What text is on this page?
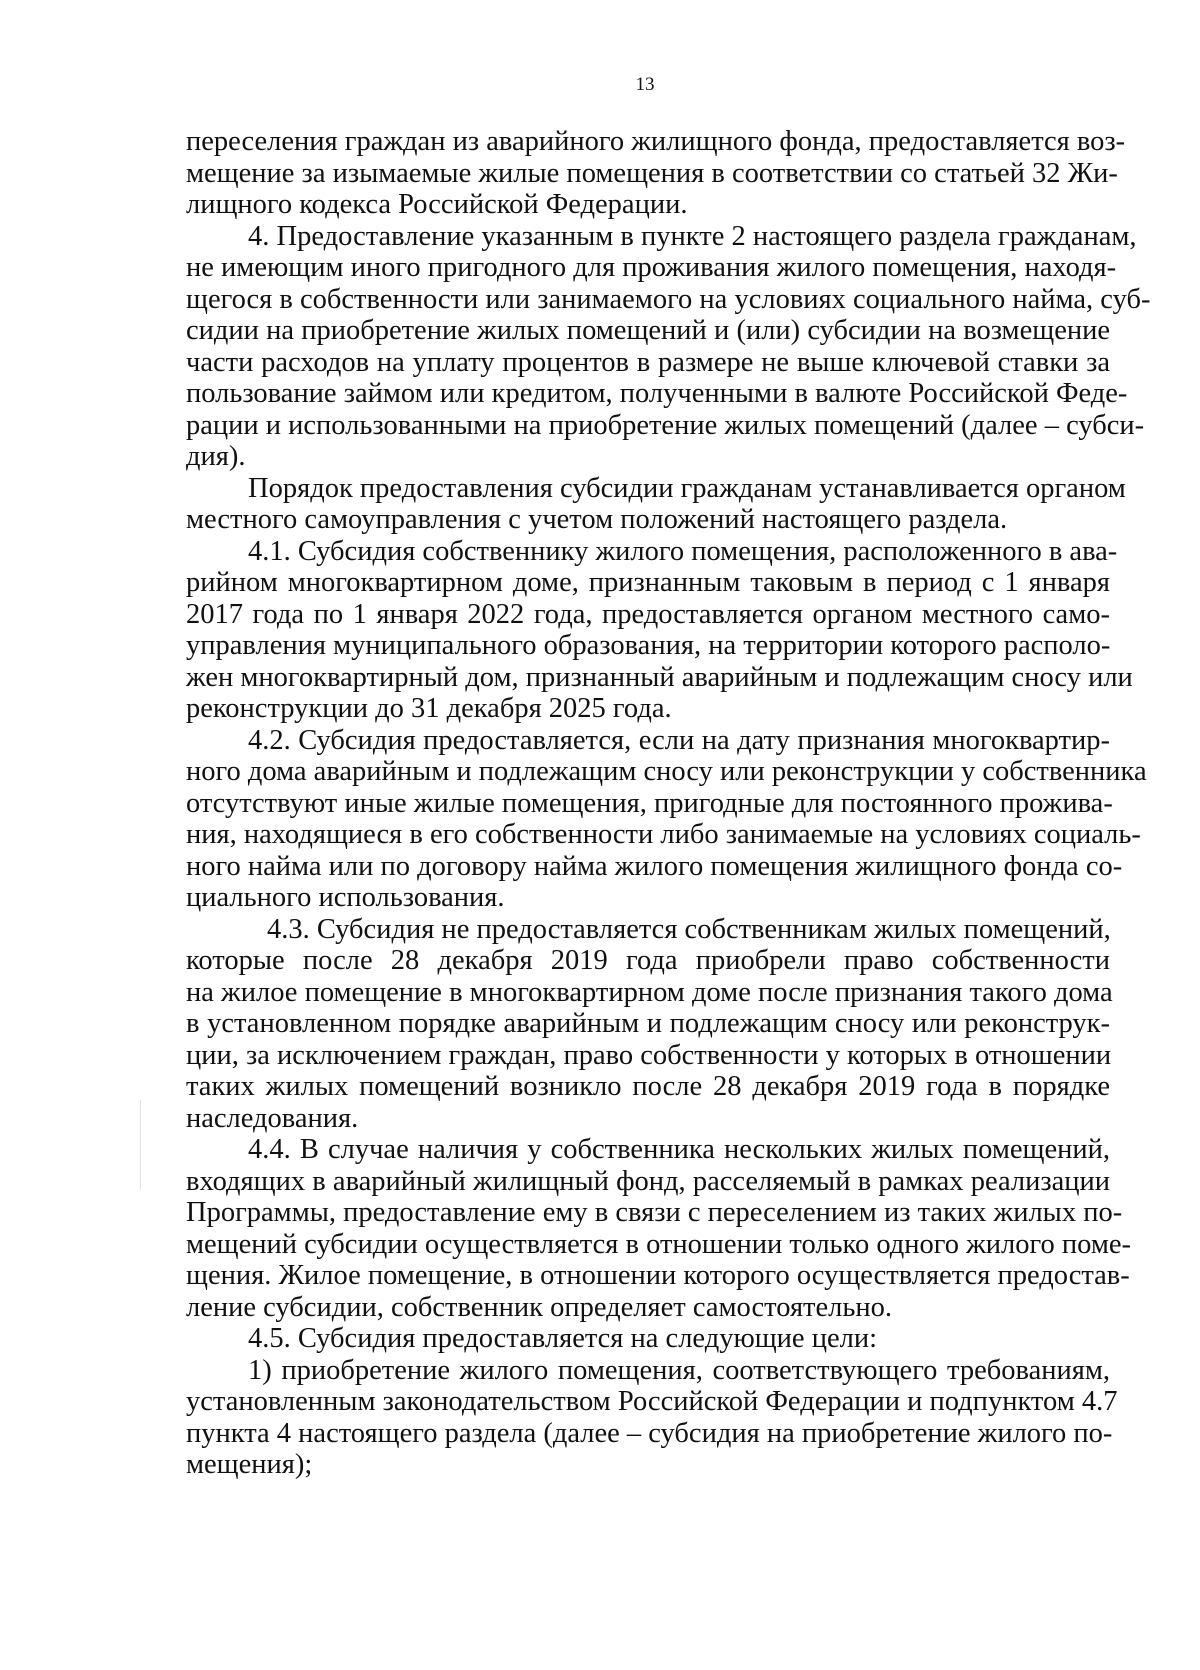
13
переселения граждан из аварийного жилищного фонда, предоставляется воз-
мещение за изымаемые жилые помещения в соответствии со статьей 32 Жи-
лищного кодекса Российской Федерации.
4. Предоставление указанным в пункте 2 настоящего раздела гражданам,
не имеющим иного пригодного для проживания жилого помещения, находя-
щегося в собственности или занимаемого на условиях социального найма, суб-
сидии на приобретение жилых помещений и (или) субсидии на возмещение
части расходов на уплату процентов в размере не выше ключевой ставки за
пользование займом или кредитом, полученными в валюте Российской Феде-
рации и использованными на приобретение жилых помещений (далее – субси-
дия).
Порядок предоставления субсидии гражданам устанавливается органом
местного самоуправления с учетом положений настоящего раздела.
4.1. Субсидия собственнику жилого помещения, расположенного в ава-
рийном многоквартирном доме, признанным таковым в период с 1 января
2017 года по 1 января 2022 года, предоставляется органом местного само-
управления муниципального образования, на территории которого располо-
жен многоквартирный дом, признанный аварийным и подлежащим сносу или
реконструкции до 31 декабря 2025 года.
4.2. Субсидия предоставляется, если на дату признания многоквартир-
ного дома аварийным и подлежащим сносу или реконструкции у собственника
отсутствуют иные жилые помещения, пригодные для постоянного прожива-
ния, находящиеся в его собственности либо занимаемые на условиях социаль-
ного найма или по договору найма жилого помещения жилищного фонда со-
циального использования.
4.3. Субсидия не предоставляется собственникам жилых помещений,
которые после 28 декабря 2019 года приобрели право собственности
на жилое помещение в многоквартирном доме после признания такого дома
в установленном порядке аварийным и подлежащим сносу или реконструк-
ции, за исключением граждан, право собственности у которых в отношении
таких жилых помещений возникло после 28 декабря 2019 года в порядке
наследования.
4.4. В случае наличия у собственника нескольких жилых помещений,
входящих в аварийный жилищный фонд, расселяемый в рамках реализации
Программы, предоставление ему в связи с переселением из таких жилых по-
мещений субсидии осуществляется в отношении только одного жилого поме-
щения. Жилое помещение, в отношении которого осуществляется предостав-
ление субсидии, собственник определяет самостоятельно.
4.5. Субсидия предоставляется на следующие цели:
1) приобретение жилого помещения, соответствующего требованиям,
установленным законодательством Российской Федерации и подпунктом 4.7
пункта 4 настоящего раздела (далее – субсидия на приобретение жилого по-
мещения);
